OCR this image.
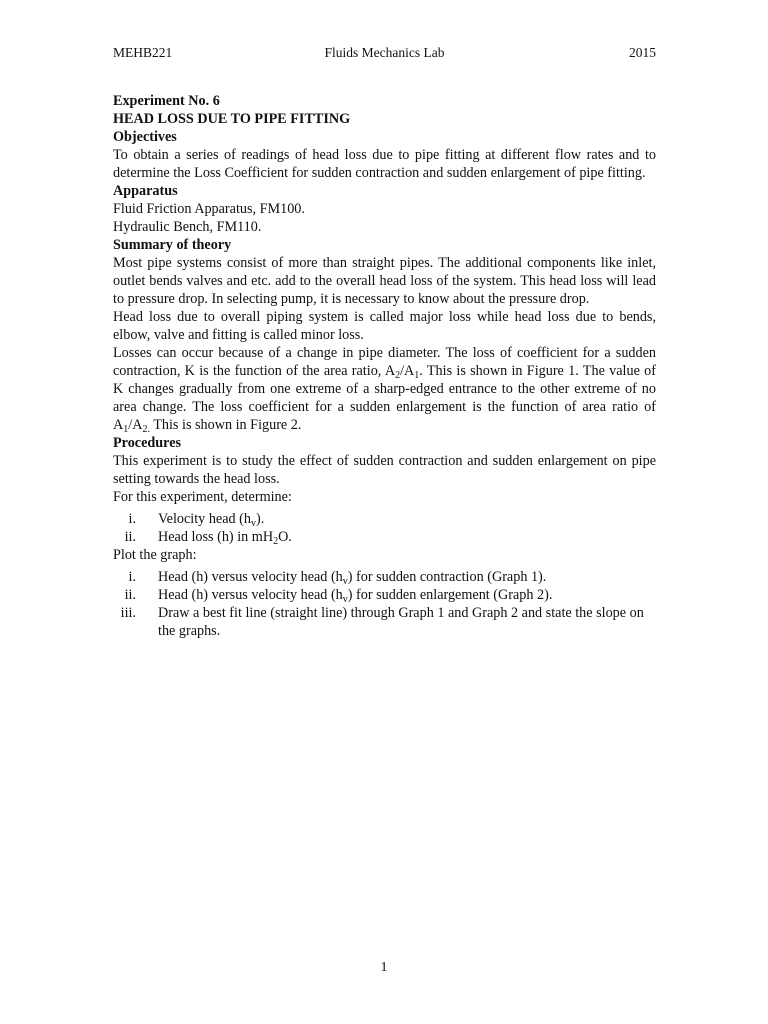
MEHB221	Fluids Mechanics Lab	2015

Experiment No. 6

HEAD LOSS DUE TO PIPE FITTING

Objectives

To obtain a series of readings of head loss due to pipe fitting at different flow rates and to determine the Loss Coefficient for sudden contraction and sudden enlargement of pipe fitting.

Apparatus

Fluid Friction Apparatus, FM100.

Hydraulic Bench, FM110.

Summary of theory

Most pipe systems consist of more than straight pipes. The additional components like inlet, outlet bends valves and etc. add to the overall head loss of the system. This head loss will lead to pressure drop. In selecting pump, it is necessary to know about the pressure drop.

Head loss due to overall piping system is called major loss while head loss due to bends, elbow, valve and fitting is called minor loss.

Losses can occur because of a change in pipe diameter. The loss of coefficient for a sudden contraction, K is the function of the area ratio, $A_2/A_1$. This is shown in Figure 1. The value of K changes gradually from one extreme of a sharp-edged entrance to the other extreme of no area change. The loss coefficient for a sudden enlargement is the function of area ratio of $A_1/A_{2.}$ This is shown in Figure 2.

Procedures

This experiment is to study the effect of sudden contraction and sudden enlargement on pipe setting towards the head loss.

For this experiment, determine:

i. Velocity head $(h_v)$.
ii. Head loss (h) in $mH_2O$.

Plot the graph:

i. Head (h) versus velocity head $(h_v)$ for sudden contraction (Graph 1).
ii. Head (h) versus velocity head $(h_v)$ for sudden enlargement (Graph 2).
iii. Draw a best fit line (straight line) through Graph 1 and Graph 2 and state the slope on the graphs.
1
